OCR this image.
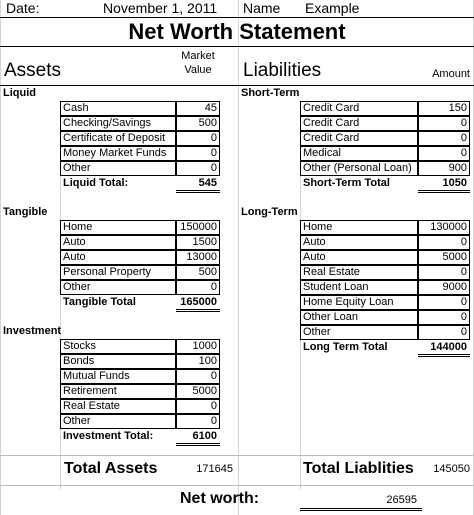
Date:	November 1, 2011 Name Example
Net Worth Statement
Assets
Market
Value	Liabilities	Amount
Liquid	Short-Term
Tangible	Long-Term
Investment
Cash	45
Checking/Savings	500
Certificate of Deposit	0
Money Market Funds	0
Other	0
Liquid Total:	545
Home	150000
Auto	1500
Auto	13000
Personal Property	500
Other	0
Tangible Total	165000
Stocks	1000
Bonds	100
Mutual Funds	0
Retirement	5000
Real Estate	0
Other	0
Investment Total:	6100
Credit Card	150
Credit Card	0
Credit Card	0
Medical	0
Other (Personal Loan)	900
Short-Term Total	1050
Home	130000
Auto	0
Auto	5000
Real Estate	0
Student Loan	9000
Home Equity Loan	0
Other Loan	0
Other	0
Long Term Total	144000
Total Assets	171645	Total Liablities	145050
Net worth:	26595
